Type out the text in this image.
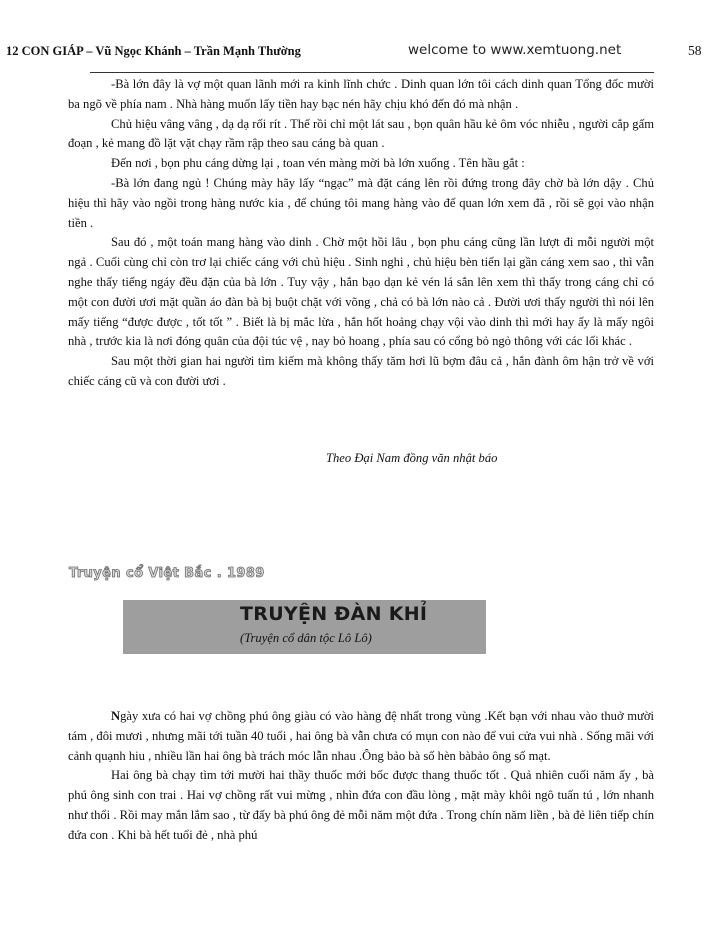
12 CON GIÁP – Vũ Ngọc Khánh – Trần Mạnh Thường	welcome to www.xemtuong.net	58

-Bà lớn đây là vợ một quan lãnh mới ra kinh lĩnh chức . Dinh quan lớn tôi cách dinh quan Tổng đốc mười ba ngõ về phía nam . Nhà hàng muốn lấy tiền hay bạc nén hãy chịu khó đến đó mà nhận .

Chủ hiệu vâng vâng , dạ dạ rối rít . Thế rồi chỉ một lát sau , bọn quân hầu kẻ ôm vóc nhiễu , người cắp gấm đoạn , kẻ mang đồ lặt vặt chạy rầm rập theo sau cáng bà quan .

Đến nơi , bọn phu cáng dừng lại , toan vén màng mời bà lớn xuống . Tên hầu gắt :

-Bà lớn đang ngủ ! Chúng mày hãy lấy “ngạc” mà đặt cáng lên rồi đứng trong đây chờ bà lớn dậy . Chủ hiệu thì hãy vào ngồi trong hàng nước kia , để chúng tôi mang hàng vào để quan lớn xem đã , rồi sẽ gọi vào nhận tiền .

Sau đó , một toán mang hàng vào dinh . Chờ một hồi lâu , bọn phu cáng cũng lần lượt đi mỗi người một ngả . Cuối cùng chỉ còn trơ lại chiếc cáng với chủ hiệu . Sinh nghi , chủ hiệu bèn tiến lại gần cáng xem sao , thì vẫn nghe thấy tiếng ngáy đều đặn của bà lớn . Tuy vậy , hắn bạo dạn kẻ vén lá sắn lên xem thì thấy trong cáng chỉ có một con đười ươi mặt quần áo đàn bà bị buột chặt với võng , chả có bà lớn nào cả . Đười ươi thấy người thì nói lên mấy tiếng “được được , tốt tốt ” . Biết là bị mắc lừa , hắn hốt hoảng chạy vội vào dinh thì mới hay ấy là mấy ngôi nhà , trước kia là nơi đóng quân của đội túc vệ , nay bỏ hoang , phía sau có cổng bỏ ngỏ thông với các lối khác .

Sau một thời gian hai người tìm kiếm mà không thấy tăm hơi lũ bợm đâu cả , hắn đành ôm hận trở về với chiếc cáng cũ và con đười ươi .

Theo Đại Nam đồng văn nhật báo
Truyện cổ Việt Bắc . 1989
TRUYỆN ĐÀN KHỈ
(Truyện cổ dân tộc Lô Lô)

Ngày xưa có hai vợ chồng phú ông giàu có vào hàng đệ nhất trong vùng .Kết bạn với nhau vào thuở mười tám , đôi mươi , nhưng mãi tới tuần 40 tuổi , hai ông bà vẫn chưa có mụn con nào để vui cửa vui nhà . Sống mãi với cảnh quạnh hiu , nhiều lần hai ông bà trách móc lẫn nhau .Ông bảo bà số hèn bàbảo ông số mạt.

Hai ông bà chạy tìm tới mười hai thầy thuốc mới bốc được thang thuốc tốt . Quả nhiên cuối năm ấy , bà phú ông sinh con trai . Hai vợ chồng rất vui mừng , nhìn đứa con đầu lòng , mặt mày khôi ngô tuấn tú , lớn nhanh như thổi . Rồi may mắn lắm sao , từ đấy bà phú ông đẻ mỗi năm một đứa . Trong chín năm liền , bà đẻ liên tiếp chín đứa con . Khi bà hết tuổi đẻ , nhà phú
